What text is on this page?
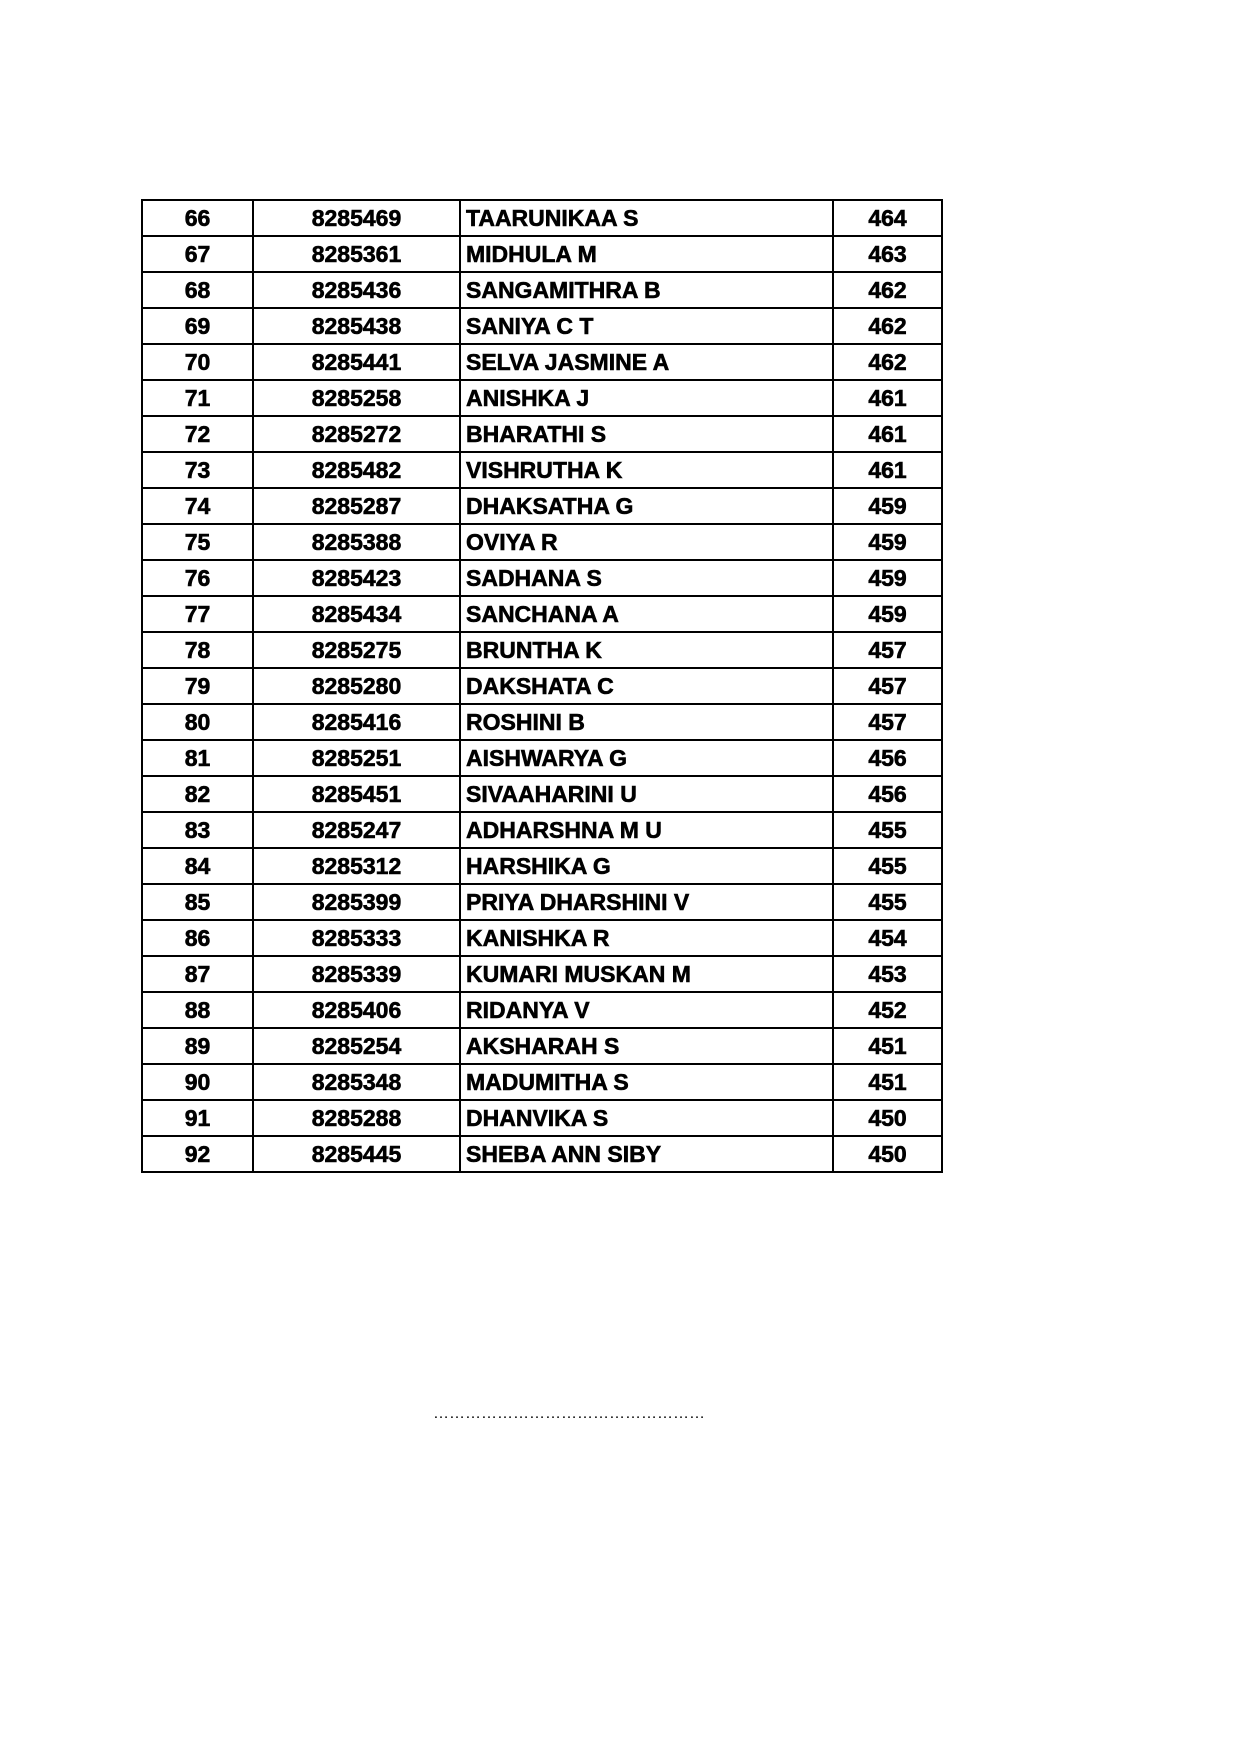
66	8285469	TAARUNIKAA S	464
67	8285361	MIDHULA M	463
68	8285436	SANGAMITHRA B	462
69	8285438	SANIYA C T	462
70	8285441	SELVA JASMINE A	462
71	8285258	ANISHKA J	461
72	8285272	BHARATHI S	461
73	8285482	VISHRUTHA K	461
74	8285287	DHAKSATHA G	459
75	8285388	OVIYA R	459
76	8285423	SADHANA S	459
77	8285434	SANCHANA A	459
78	8285275	BRUNTHA K	457
79	8285280	DAKSHATA C	457
80	8285416	ROSHINI B	457
81	8285251	AISHWARYA G	456
82	8285451	SIVAAHARINI U	456
83	8285247	ADHARSHNA M U	455
84	8285312	HARSHIKA G	455
85	8285399	PRIYA DHARSHINI V	455
86	8285333	KANISHKA R	454
87	8285339	KUMARI MUSKAN M	453
88	8285406	RIDANYA V	452
89	8285254	AKSHARAH S	451
90	8285348	MADUMITHA S	451
91	8285288	DHANVIKA S	450
92	8285445	SHEBA ANN SIBY	450
……………………………………………
